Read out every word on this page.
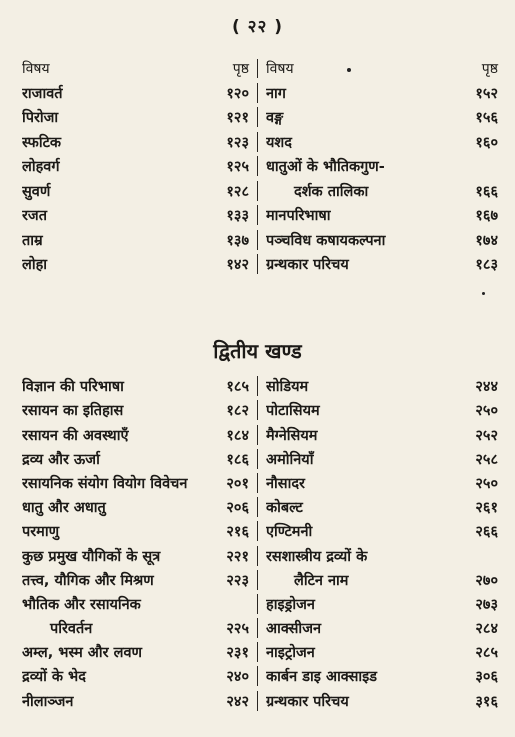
( २२ )
विषय	पृष्ठ विषय	पृष्ठ
राजावर्त	१२० नाग	१५२
पिरोजा	१२१ वङ्ग	१५६
स्फटिक	१२३ यशद	१६०
लोहवर्ग	१२५ धातुओं के भौतिकगुण-
सुवर्ण	१२८	दर्शक तालिका	१६६
रजत	१३३ मानपरिभाषा	१६७
ताम्र	१३७ पञ्चविध कषायकल्पना	१७४
लोहा	१४२ ग्रन्थकार परिचय	१८३
द्वितीय खण्ड
विज्ञान की परिभाषा	१८५ सोडियम	२४४
रसायन का इतिहास	१८२ पोटासियम	२५०
रसायन की अवस्थाएँ	१८४ मैग्नेसियम	२५२
द्रव्य और ऊर्जा	१८६ अमोनियाँ	२५८
रसायनिक संयोग वियोग विवेचन	२०१ नौसादर	२५०
धातु और अधातु	२०६ कोबल्ट	२६१
परमाणु	२१६ एण्टिमनी	२६६
कुछ प्रमुख यौगिकों के सूत्र	२२१ रसशास्त्रीय द्रव्यों के
तत्त्व, यौगिक और मिश्रण	२२३	लैटिन नाम	२७०
भौतिक और रसायनिक	हाइड्रोजन	२७३
परिवर्तन	२२५ आक्सीजन	२८४
अम्ल, भस्म और लवण	२३१ नाइट्रोजन	२८५
द्रव्यों के भेद	२४० कार्बन डाइ आक्साइड	३०६
नीलाञ्जन	२४२ ग्रन्थकार परिचय	३१६
